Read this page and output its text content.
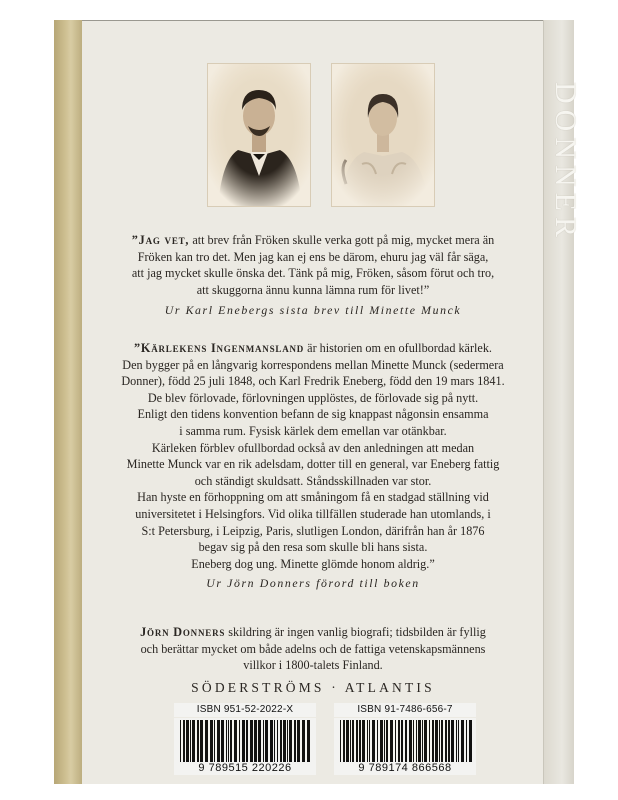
DONNER
”Jag vet, att brev från Fröken skulle verka gott på mig, mycket mera än
Fröken kan tro det. Men jag kan ej ens be därom, ehuru jag väl får säga,
att jag mycket skulle önska det. Tänk på mig, Fröken, såsom förut och tro,
att skuggorna ännu kunna lämna rum för livet!”
Ur Karl Enebergs sista brev till Minette Munck
”Kärlekens Ingenmansland är historien om en ofullbordad kärlek.
Den bygger på en långvarig korrespondens mellan Minette Munck (sedermera
Donner), född 25 juli 1848, och Karl Fredrik Eneberg, född den 19 mars 1841.
De blev förlovade, förlovningen upplöstes, de förlovade sig på nytt.
Enligt den tidens konvention befann de sig knappast någonsin ensamma
i samma rum. Fysisk kärlek dem emellan var otänkbar.
Kärleken förblev ofullbordad också av den anledningen att medan
Minette Munck var en rik adelsdam, dotter till en general, var Eneberg fattig
och ständigt skuldsatt. Ståndsskillnaden var stor.
Han hyste en förhoppning om att småningom få en stadgad ställning vid
universitetet i Helsingfors. Vid olika tillfällen studerade han utomlands, i
S:t Petersburg, i Leipzig, Paris, slutligen London, därifrån han år 1876
begav sig på den resa som skulle bli hans sista.
Eneberg dog ung. Minette glömde honom aldrig.”
Ur Jörn Donners förord till boken
Jörn Donners skildring är ingen vanlig biografi; tidsbilden är fyllig
och berättar mycket om både adelns och de fattiga vetenskapsmännens
villkor i 1800-talets Finland.
SÖDERSTRÖMS · ATLANTIS
ISBN 951-52-2022-X
9 789515 220226
ISBN 91-7486-656-7
9 789174 866568
